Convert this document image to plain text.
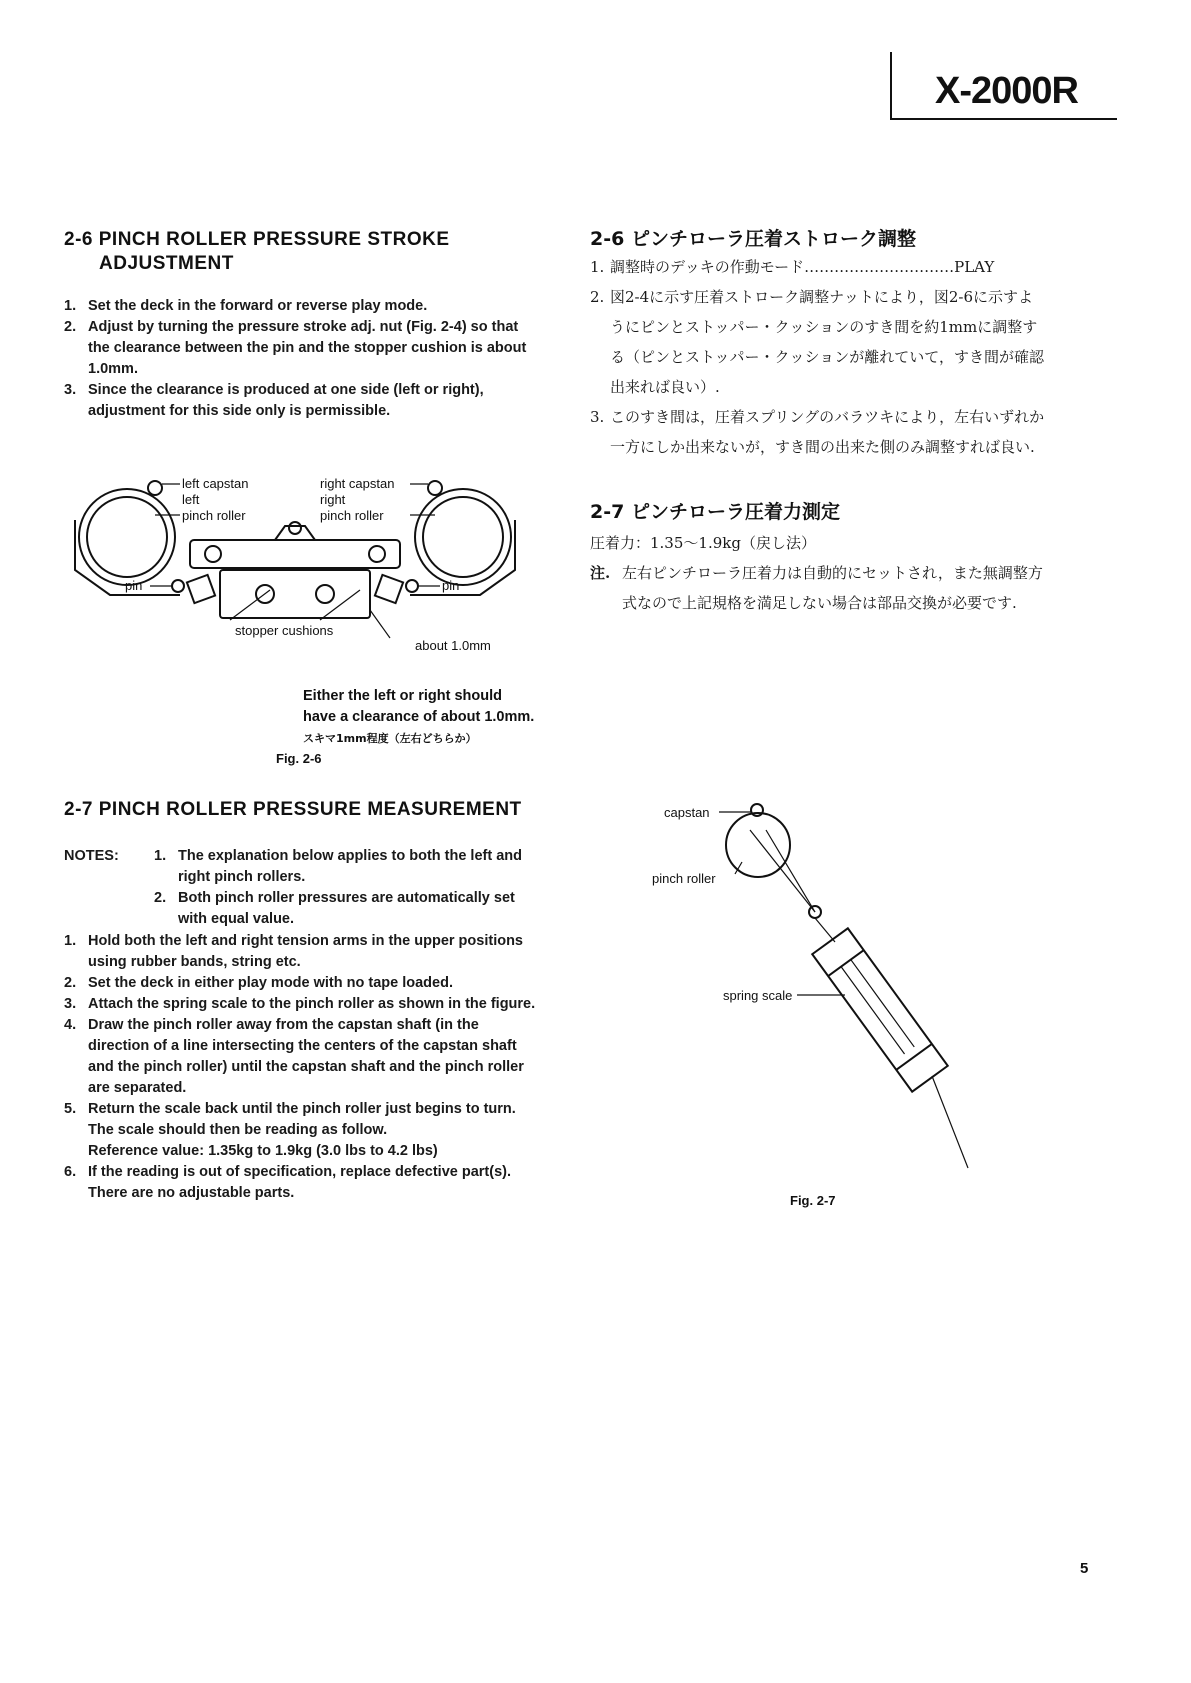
X-2000R
2-6 PINCH ROLLER PRESSURE STROKE
ADJUSTMENT
1. Set the deck in the forward or reverse play mode.
2. Adjust by turning the pressure stroke adj. nut (Fig. 2-4) so that the clearance between the pin and the stopper cushion is about 1.0mm.
3. Since the clearance is produced at one side (left or right), adjustment for this side only is permissible.
left capstan
left
pinch roller
right capstan
right
pinch roller
pin	pin
stopper cushions
about 1.0mm
Either the left or right should
have a clearance of about 1.0mm.
スキマ1mm程度（左右どちらか）
Fig. 2-6
2-7 PINCH ROLLER PRESSURE MEASUREMENT
NOTES: 1. The explanation below applies to both the left and right pinch rollers.
2. Both pinch roller pressures are automatically set with equal value.
1. Hold both the left and right tension arms in the upper positions using rubber bands, string etc.
2. Set the deck in either play mode with no tape loaded.
3. Attach the spring scale to the pinch roller as shown in the figure.
4. Draw the pinch roller away from the capstan shaft (in the direction of a line intersecting the centers of the capstan shaft and the pinch roller) until the capstan shaft and the pinch roller are separated.
5. Return the scale back until the pinch roller just begins to turn. The scale should then be reading as follow.
Reference value: 1.35kg to 1.9kg (3.0 lbs to 4.2 lbs)
6. If the reading is out of specification, replace defective part(s). There are no adjustable parts.
2-6 ピンチローラ圧着ストローク調整
1. 調整時のデッキの作動モード…………………………PLAY
2. 図2-4に示す圧着ストローク調整ナットにより，図2-6に示すようにピンとストッパー・クッションのすき間を約1mmに調整する（ピンとストッパー・クッションが離れていて，すき間が確認出来れば良い）.
3. このすき間は，圧着スプリングのバラツキにより，左右いずれか一方にしか出来ないが，すき間の出来た側のみ調整すれば良い.
2-7 ピンチローラ圧着力測定
圧着力：1.35〜1.9kg（戻し法）
注. 左右ピンチローラ圧着力は自動的にセットされ，また無調整方式なので上記規格を満足しない場合は部品交換が必要です.
capstan
pinch roller
spring scale
Fig. 2-7
5
